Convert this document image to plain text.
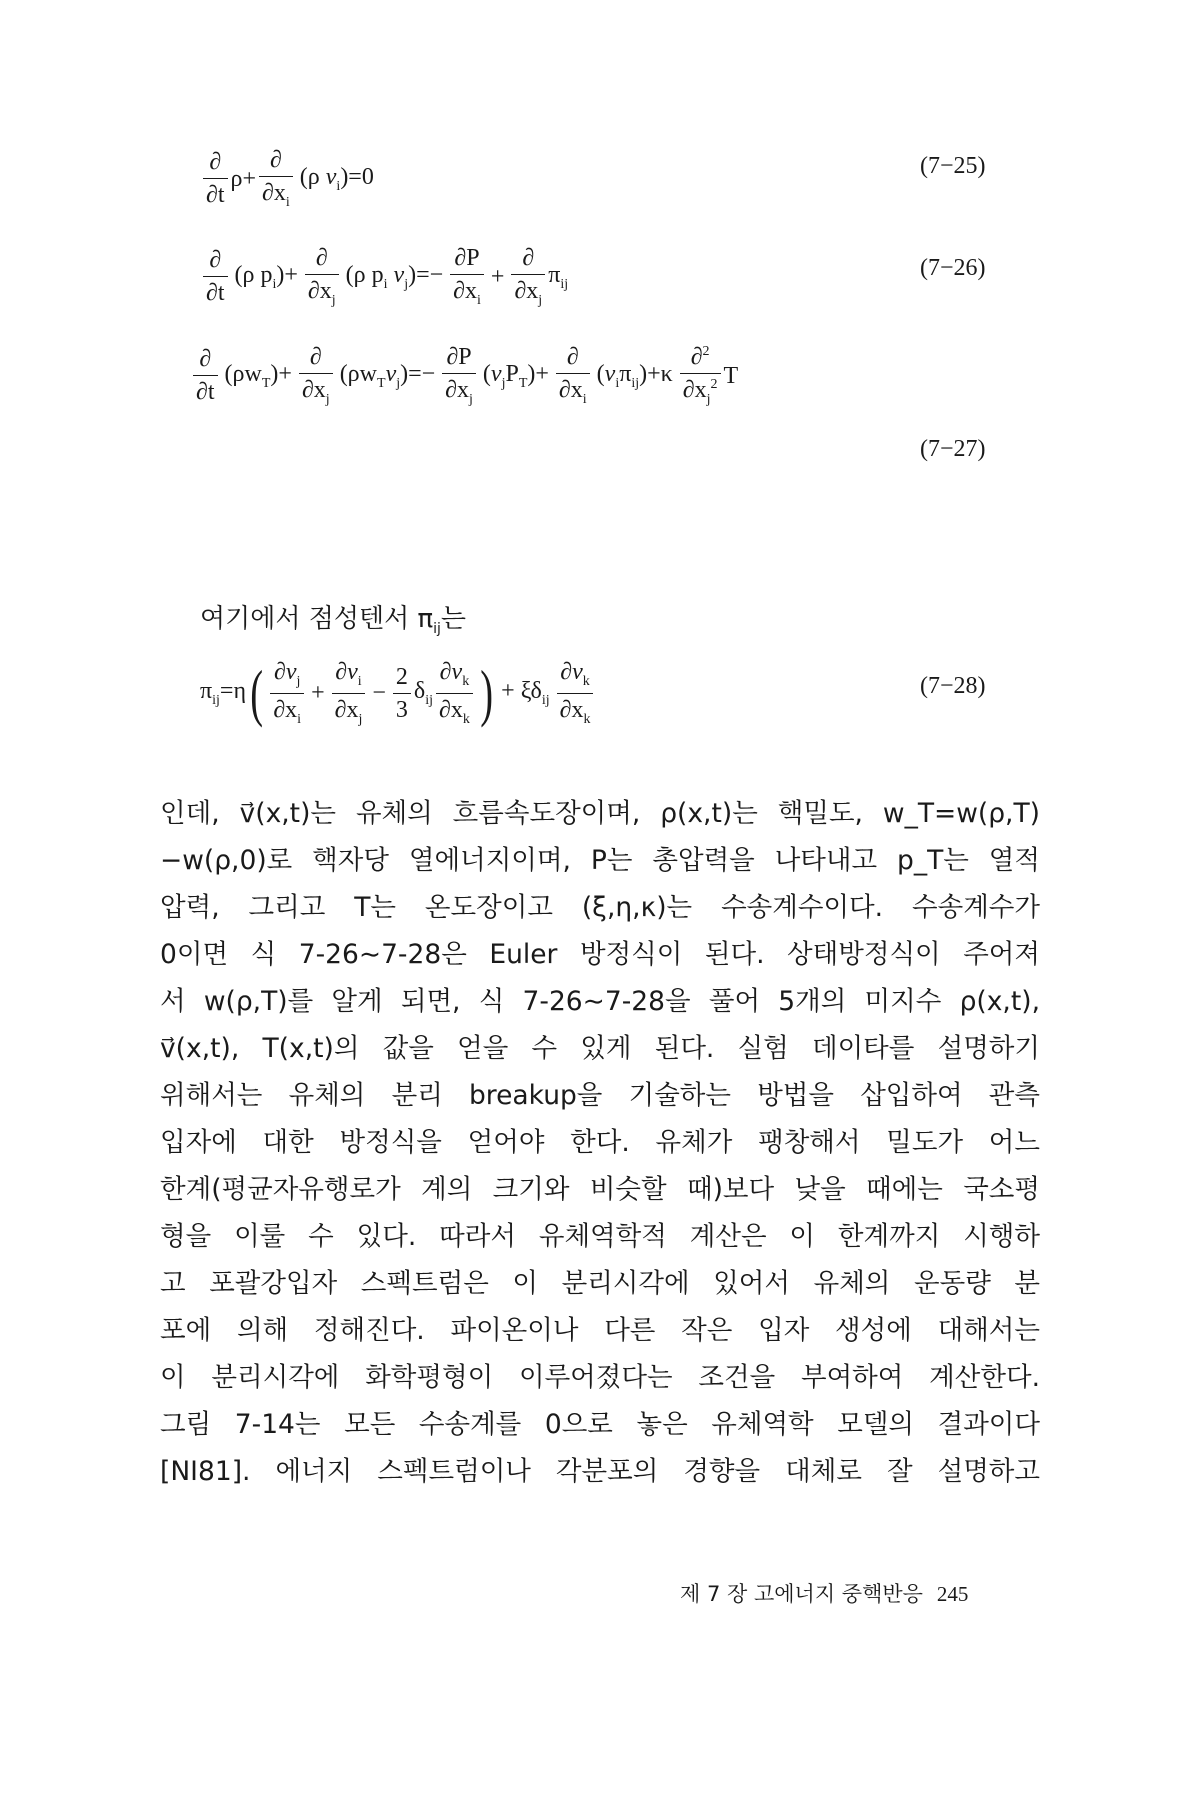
$\frac{\partial}{\partial t} \rho+ \frac{\partial}{\partial x_i} (\rho$ $v_i)=0$	(7−25)
$\frac{\partial}{\partial t} (\rho$ $p_i)+ \frac{\partial}{\partial x_j} (\rho$ $p_i$ $v_j)=- \frac{\partial P}{\partial x_i} + \frac{\partial}{\partial x_j} \pi_{ij}$
(7−26)
$\frac{\partial}{\partial t} (\rho w_T)+ \frac{\partial}{\partial x_j} (\rho w_Tv_j)=- \frac{\partial P}{\partial x_j} (v_jP_T)+ \frac{\partial}{\partial x_i} (v_i\pi_{ij})+\kappa \frac{\partial^2}{\partial x_j^2}$ T
(7−27)
여기에서 점성텐서 $\pi_{ij}$는
$\pi_{ij}=\eta$ ( $\frac{\partial v_j}{\partial x_i} + \frac{\partial v_i}{\partial x_j} - \frac{2}{3} \delta_{ij} \frac{\partial v_k}{\partial x_k}$ ) + $\xi\delta_{ij} \frac{\partial v_k}{\partial x_k}$	(7−28)
인데, v⃗(x,t)는 유체의 흐름속도장이며, ρ(x,t)는 핵밀도, w_T=w(ρ,T)
−w(ρ,0)로 핵자당 열에너지이며, P는 총압력을 나타내고 p_T는 열적
압력, 그리고 T는 온도장이고 (ξ,η,κ)는 수송계수이다. 수송계수가
0이면 식 7-26∼7-28은 Euler 방정식이 된다. 상태방정식이 주어져
서 w(ρ,T)를 알게 되면, 식 7-26∼7-28을 풀어 5개의 미지수 ρ(x,t),
v⃗(x,t), T(x,t)의 값을 얻을 수 있게 된다. 실험 데이타를 설명하기
위해서는 유체의 분리 breakup을 기술하는 방법을 삽입하여 관측
입자에 대한 방정식을 얻어야 한다. 유체가 팽창해서 밀도가 어느
한계(평균자유행로가 계의 크기와 비슷할 때)보다 낮을 때에는 국소평
형을 이룰 수 있다. 따라서 유체역학적 계산은 이 한계까지 시행하
고 포괄강입자 스펙트럼은 이 분리시각에 있어서 유체의 운동량 분
포에 의해 정해진다. 파이온이나 다른 작은 입자 생성에 대해서는
이 분리시각에 화학평형이 이루어졌다는 조건을 부여하여 계산한다.
그림 7-14는 모든 수송계를 0으로 놓은 유체역학 모델의 결과이다
[NI81]. 에너지 스펙트럼이나 각분포의 경향을 대체로 잘 설명하고
제 7 장 고에너지 중핵반응 245
